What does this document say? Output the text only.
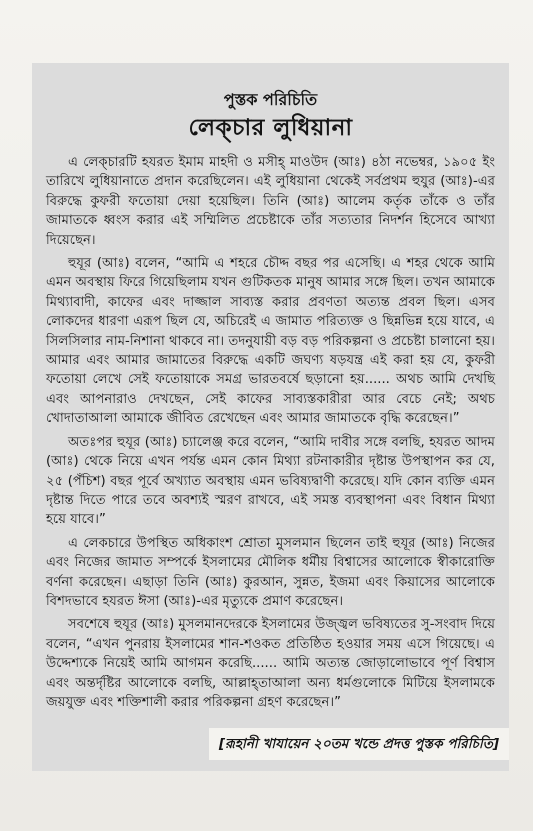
পুস্তক পরিচিতি
লেক্চার লুধিয়ানা

এ লেক্চারটি হযরত ইমাম মাহদী ও মসীহ্ মাওউদ (আঃ) ৪ঠা নভেম্বর, ১৯০৫ ইং তারিখে লুধিয়ানাতে প্রদান করেছিলেন। এই লুধিয়ানা থেকেই সর্বপ্রথম হুযুর (আঃ)-এর বিরুদ্ধে কুফরী ফতোয়া দেয়া হয়েছিল। তিনি (আঃ) আলেম কর্তৃক তাঁকে ও তাঁর জামাতকে ধ্বংস করার এই সম্মিলিত প্রচেষ্টাকে তাঁর সত্যতার নিদর্শন হিসেবে আখ্যা দিয়েছেন।

হুযূর (আঃ) বলেন, “আমি এ শহরে চৌদ্দ বছর পর এসেছি। এ শহর থেকে আমি এমন অবস্থায় ফিরে গিয়েছিলাম যখন গুটিকতক মানুষ আমার সঙ্গে ছিল। তখন আমাকে মিথ্যাবাদী, কাফের এবং দাজ্জাল সাব্যস্ত করার প্রবণতা অত্যন্ত প্রবল ছিল। এসব লোকদের ধারণা এরূপ ছিল যে, অচিরেই এ জামাত পরিত্যক্ত ও ছিন্নভিন্ন হয়ে যাবে, এ সিলসিলার নাম-নিশানা থাকবে না। তদনুযায়ী বড় বড় পরিকল্পনা ও প্রচেষ্টা চালানো হয়। আমার এবং আমার জামাতের বিরুদ্ধে একটি জঘণ্য ষড়যন্ত্র এই করা হয় যে, কুফরী ফতোয়া লেখে সেই ফতোয়াকে সমগ্র ভারতবর্ষে ছড়ানো হয়...... অথচ আমি দেখছি এবং আপনারাও দেখছেন, সেই কাফের সাব্যস্তকারীরা আর বেচে নেই; অথচ খোদাতাআলা আমাকে জীবিত রেখেছেন এবং আমার জামাতকে বৃদ্ধি করেছেন।”

অতঃপর হুযূর (আঃ) চ্যালেঞ্জ করে বলেন, “আমি দাবীর সঙ্গে বলছি, হযরত আদম (আঃ) থেকে নিয়ে এখন পর্যন্ত এমন কোন মিথ্যা রটনাকারীর দৃষ্টান্ত উপস্থাপন কর যে, ২৫ (পঁচিশ) বছর পূর্বে অখ্যাত অবস্থায় এমন ভবিষ্যদ্বাণী করেছে। যদি কোন ব্যক্তি এমন দৃষ্টান্ত দিতে পারে তবে অবশ্যই স্মরণ রাখবে, এই সমস্ত ব্যবস্থাপনা এবং বিধান মিথ্যা হয়ে যাবে।”

এ লেকচারে উপস্থিত অধিকাংশ শ্রোতা মুসলমান ছিলেন তাই হুযূর (আঃ) নিজের এবং নিজের জামাত সম্পর্কে ইসলামের মৌলিক ধর্মীয় বিশ্বাসের আলোকে স্বীকারোক্তি বর্ণনা করেছেন। এছাড়া তিনি (আঃ) কুরআন, সুন্নত, ইজমা এবং কিয়াসের আলোকে বিশদভাবে হযরত ঈসা (আঃ)-এর মৃত্যুকে প্রমাণ করেছেন।

সবশেষে হুযূর (আঃ) মুসলমানদেরকে ইসলামের উজ্জ্বল ভবিষ্যতের সু-সংবাদ দিয়ে বলেন, “এখন পুনরায় ইসলামের শান-শওকত প্রতিষ্ঠিত হওয়ার সময় এসে গিয়েছে। এ উদ্দেশ্যকে নিয়েই আমি আগমন করেছি...... আমি অত্যন্ত জোড়ালোভাবে পূর্ণ বিশ্বাস এবং অন্তর্দৃষ্টির আলোকে বলছি, আল্লাহ্‌তাআলা অন্য ধর্মগুলোকে মিটিয়ে ইসলামকে জয়যুক্ত এবং শক্তিশালী করার পরিকল্পনা গ্রহণ করেছেন।”

[রূহানী খাযায়েন ২০তম খন্ডে প্রদত্ত পুস্তক পরিচিতি]
